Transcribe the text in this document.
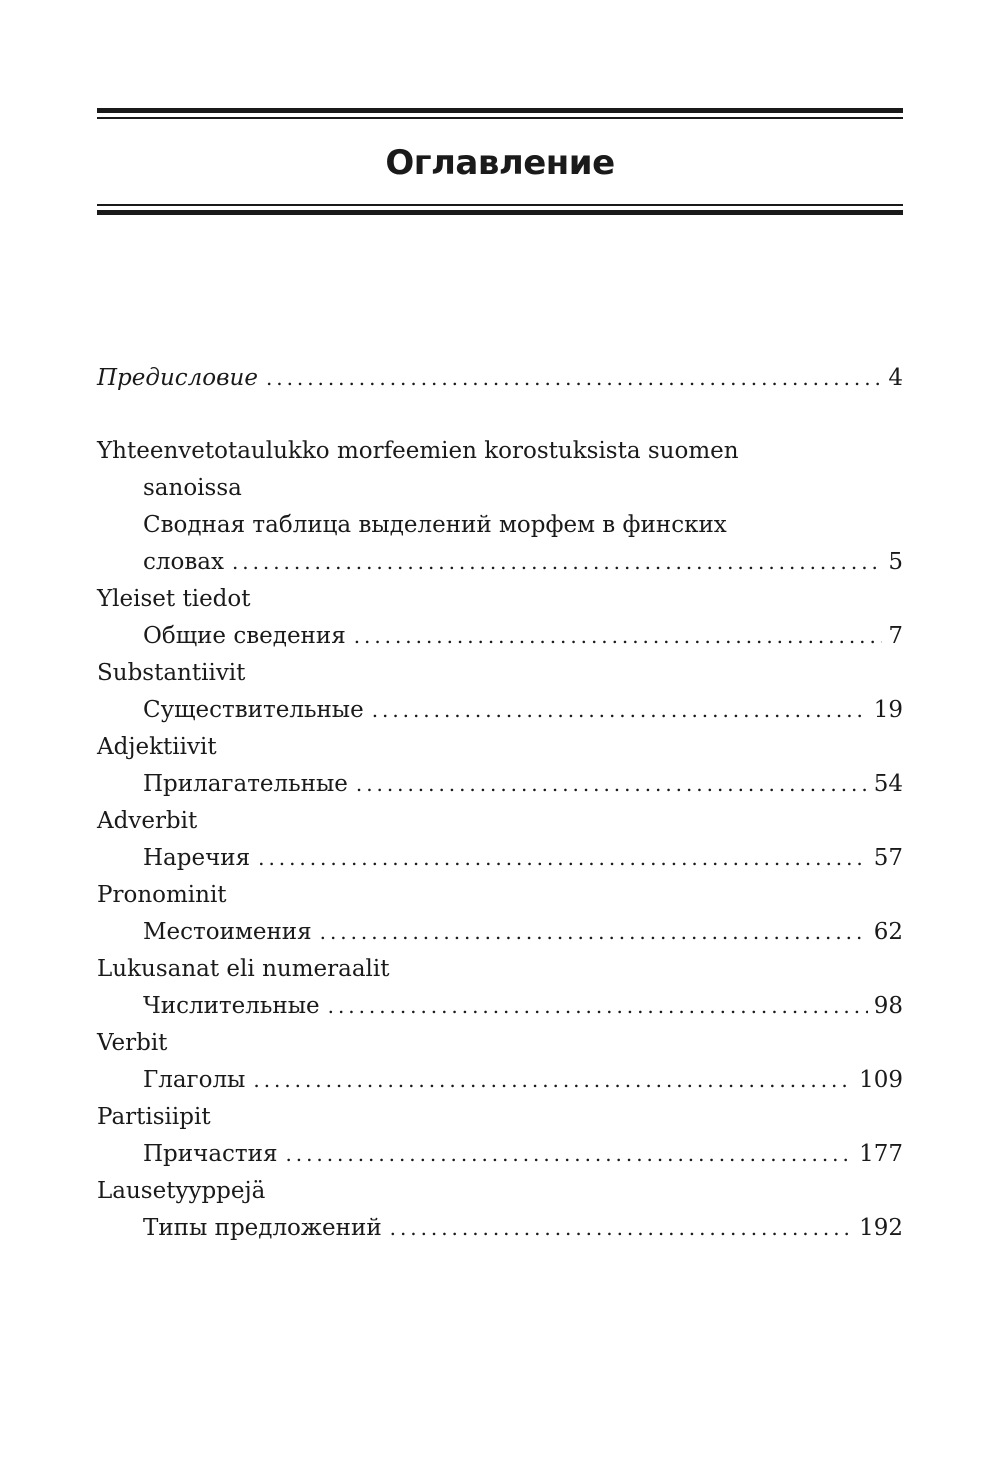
Оглавление
Предисловие . . .	4
Yhteenvetotaulukko morfeemien korostuksista suomen
sanoissa
Сводная таблица выделений морфем в финских
словах . . .	5
Yleiset tiedot
Общие сведения . . .	7
Substantiivit
Существительные . . .	19
Adjektiivit
Прилагательные . . .	54
Adverbit
Наречия . . .	57
Pronominit
Местоимения . . .	62
Lukusanat eli numeraalit
Числительные . . .	98
Verbit
Глаголы . . .	109
Partisiipit
Причастия . . .	177
Lausetyyppejä
Типы предложений . . .	192
